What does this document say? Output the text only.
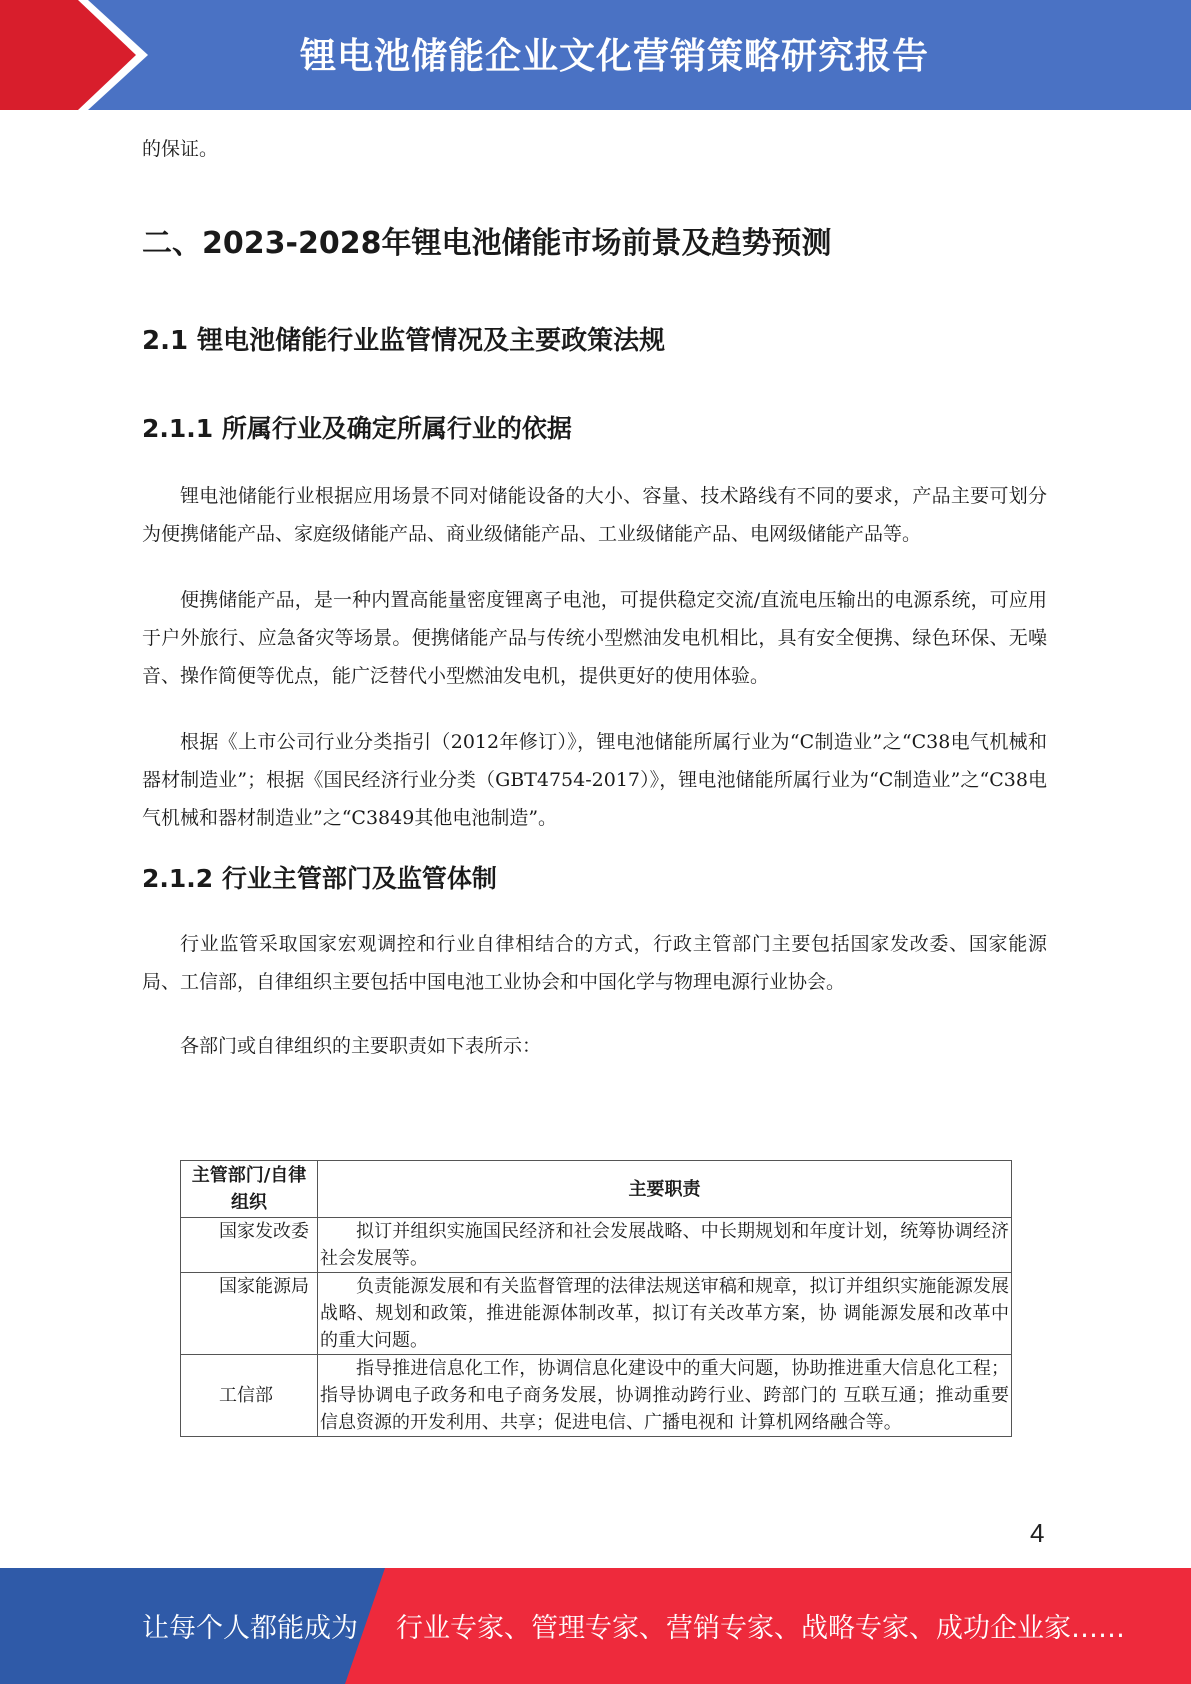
锂电池储能企业文化营销策略研究报告

的保证。

二、2023-2028年锂电池储能市场前景及趋势预测

2.1 锂电池储能行业监管情况及主要政策法规

2.1.1 所属行业及确定所属行业的依据

锂电池储能行业根据应用场景不同对储能设备的大小、容量、技术路线有不同的要求，产品主要可划分为便携储能产品、家庭级储能产品、商业级储能产品、工业级储能产品、电网级储能产品等。

便携储能产品，是一种内置高能量密度锂离子电池，可提供稳定交流/直流电压输出的电源系统，可应用于户外旅行、应急备灾等场景。便携储能产品与传统小型燃油发电机相比，具有安全便携、绿色环保、无噪音、操作简便等优点，能广泛替代小型燃油发电机，提供更好的使用体验。

根据《上市公司行业分类指引（2012年修订）》，锂电池储能所属行业为“C制造业”之“C38电气机械和器材制造业”；根据《国民经济行业分类（GBT4754-2017）》，锂电池储能所属行业为“C制造业”之“C38电气机械和器材制造业”之“C3849其他电池制造”。

2.1.2 行业主管部门及监管体制

行业监管采取国家宏观调控和行业自律相结合的方式，行政主管部门主要包括国家发改委、国家能源局、工信部，自律组织主要包括中国电池工业协会和中国化学与物理电源行业协会。

各部门或自律组织的主要职责如下表所示：

主管部门/自律组织	主要职责
国家发改委	拟订并组织实施国民经济和社会发展战略、中长期规划和年度计划，统筹协调经济社会发展等。
国家能源局	负责能源发展和有关监督管理的法律法规送审稿和规章，拟订并组织实施能源发展战略、规划和政策，推进能源体制改革，拟订有关改革方案，协 调能源发展和改革中的重大问题。
工信部	指导推进信息化工作，协调信息化建设中的重大问题，协助推进重大信息化工程；指导协调电子政务和电子商务发展，协调推动跨行业、跨部门的 互联互通；推动重要信息资源的开发利用、共享；促进电信、广播电视和 计算机网络融合等。
4
让每个人都能成为 行业专家、管理专家、营销专家、战略专家、成功企业家……
